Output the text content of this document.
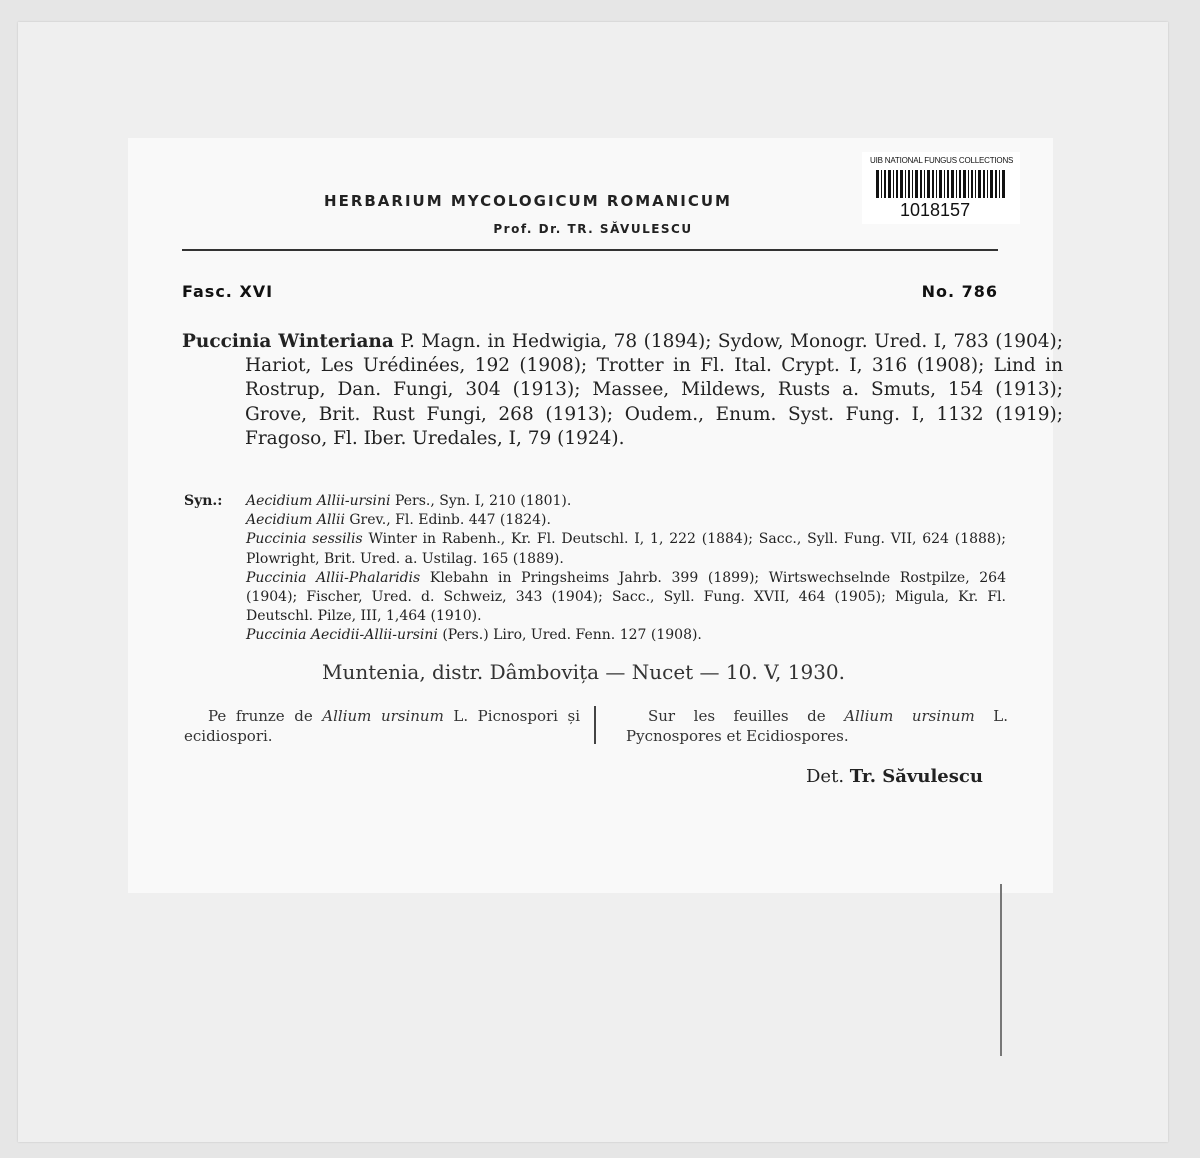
UIB NATIONAL FUNGUS COLLECTIONS
1018157
HERBARIUM MYCOLOGICUM ROMANICUM
Prof. Dr. TR. SĂVULESCU
Fasc. XVI	No. 786
Puccinia Winteriana P. Magn. in Hedwigia, 78 (1894); Sydow, Monogr. Ured. I, 783 (1904); Hariot, Les Urédinées, 192 (1908); Trotter in Fl. Ital. Crypt. I, 316 (1908); Lind in Rostrup, Dan. Fungi, 304 (1913); Massee, Mildews, Rusts a. Smuts, 154 (1913); Grove, Brit. Rust Fungi, 268 (1913); Oudem., Enum. Syst. Fung. I, 1132 (1919); Fragoso, Fl. Iber. Uredales, I, 79 (1924).
Syn.: Aecidium Allii-ursini Pers., Syn. I, 210 (1801).
Aecidium Allii Grev., Fl. Edinb. 447 (1824).
Puccinia sessilis Winter in Rabenh., Kr. Fl. Deutschl. I, 1, 222 (1884); Sacc., Syll. Fung. VII, 624 (1888); Plowright, Brit. Ured. a. Ustilag. 165 (1889).
Puccinia Allii-Phalaridis Klebahn in Pringsheims Jahrb. 399 (1899); Wirtswechselnde Rostpilze, 264 (1904); Fischer, Ured. d. Schweiz, 343 (1904); Sacc., Syll. Fung. XVII, 464 (1905); Migula, Kr. Fl. Deutschl. Pilze, III, 1,464 (1910).
Puccinia Aecidii-Allii-ursini (Pers.) Liro, Ured. Fenn. 127 (1908).
Muntenia, distr. Dâmbovița — Nucet — 10. V, 1930.
Pe frunze de Allium ursinum L. Picnospori și ecidiospori.
Sur les feuilles de Allium ursinum L. Pycnospores et Ecidiospores.
Det. Tr. Săvulescu
